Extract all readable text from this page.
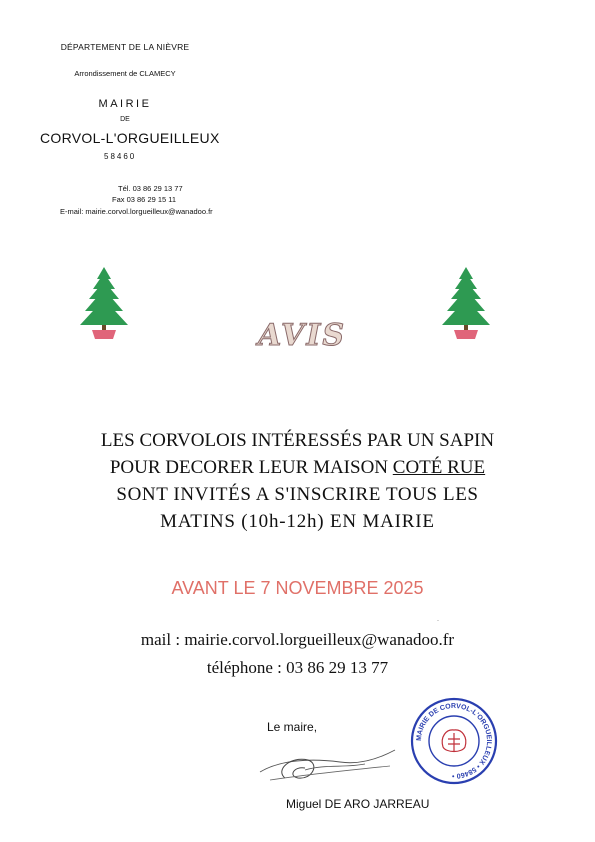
DÉPARTEMENT DE LA NIÈVRE
Arrondissement de CLAMECY
MAIRIE
DE
CORVOL-L'ORGUEILLEUX
58460
Tél. 03 86 29 13 77
Fax 03 86 29 15 11
E-mail: mairie.corvol.lorgueilleux@wanadoo.fr
AVIS
LES CORVOLOIS INTÉRESSÉS PAR UN SAPIN
POUR DECORER LEUR MAISON COTÉ RUE
SONT INVITÉS A S'INSCRIRE TOUS LES
MATINS (10h-12h) EN MAIRIE
AVANT LE 7 NOVEMBRE 2025
mail : mairie.corvol.lorgueilleux@wanadoo.fr
téléphone : 03 86 29 13 77
Le maire,
Miguel DE ARO JARREAU
MAIRIE DE CORVOL-L'ORGUEILLEUX • 58460 •
·
